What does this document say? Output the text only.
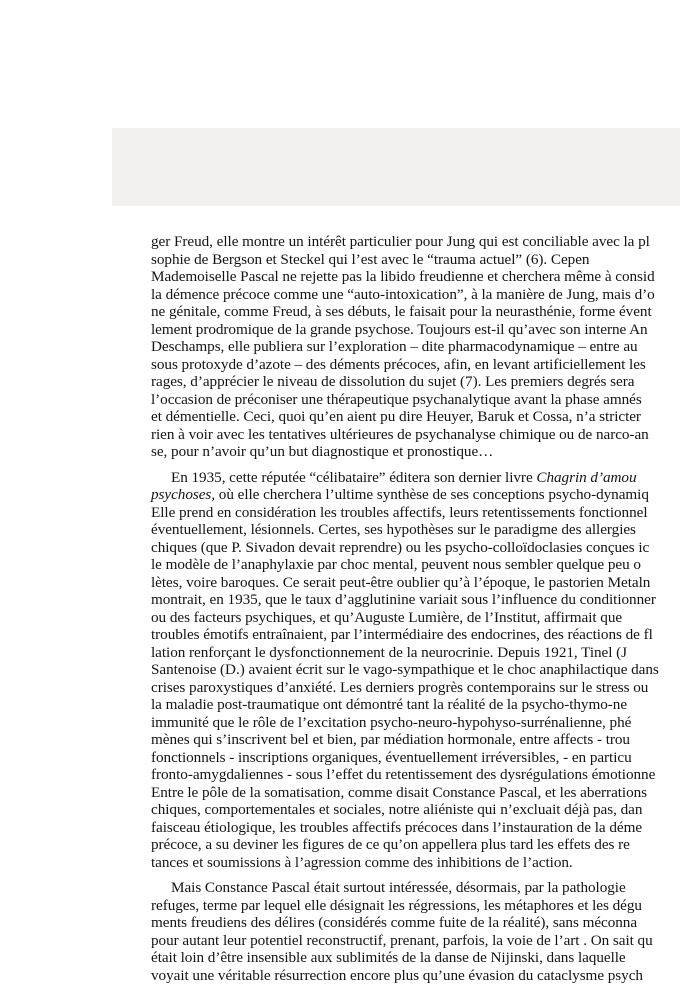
ger Freud, elle montre un intérêt particulier pour Jung qui est conciliable avec la pl
sophie de Bergson et Steckel qui l’est avec le “trauma actuel” (6). Cepen
Mademoiselle Pascal ne rejette pas la libido freudienne et cherchera même à consid
la démence précoce comme une “auto-intoxication”, à la manière de Jung, mais d’o
ne génitale, comme Freud, à ses débuts, le faisait pour la neurasthénie, forme évent
lement prodromique de la grande psychose. Toujours est-il qu’avec son interne An
Deschamps, elle publiera sur l’exploration – dite pharmacodynamique – entre au
sous protoxyde d’azote – des déments précoces, afin, en levant artificiellement les
rages, d’apprécier le niveau de dissolution du sujet (7). Les premiers degrés sera
l’occasion de préconiser une thérapeutique psychanalytique avant la phase amnés
et démentielle. Ceci, quoi qu’en aient pu dire Heuyer, Baruk et Cossa, n’a stricter
rien à voir avec les tentatives ultérieures de psychanalyse chimique ou de narco-an
se, pour n’avoir qu’un but diagnostique et pronostique…
En 1935, cette réputée “célibataire” éditera son dernier livre Chagrin d’amou
psychoses, où elle cherchera l’ultime synthèse de ses conceptions psycho-dynamiq
Elle prend en considération les troubles affectifs, leurs retentissements fonctionnel
éventuellement, lésionnels. Certes, ses hypothèses sur le paradigme des allergies
chiques (que P. Sivadon devait reprendre) ou les psycho-colloïdoclasies conçues ic
le modèle de l’anaphylaxie par choc mental, peuvent nous sembler quelque peu o
lètes, voire baroques. Ce serait peut-être oublier qu’à l’époque, le pastorien Metaln
montrait, en 1935, que le taux d’agglutinine variait sous l’influence du conditionner
ou des facteurs psychiques, et qu’Auguste Lumière, de l’Institut, affirmait que
troubles émotifs entraînaient, par l’intermédiaire des endocrines, des réactions de fl
lation renforçant le dysfonctionnement de la neurocrinie. Depuis 1921, Tinel (J
Santenoise (D.) avaient écrit sur le vago-sympathique et le choc anaphilactique dans
crises paroxystiques d’anxiété. Les derniers progrès contemporains sur le stress ou
la maladie post-traumatique ont démontré tant la réalité de la psycho-thymo-ne
immunité que le rôle de l’excitation psycho-neuro-hypohyso-surrénalienne, phé
mènes qui s’inscrivent bel et bien, par médiation hormonale, entre affects - trou
fonctionnels - inscriptions organiques, éventuellement irréversibles, - en particu
fronto-amygdaliennes - sous l’effet du retentissement des dysrégulations émotionne
Entre le pôle de la somatisation, comme disait Constance Pascal, et les aberrations
chiques, comportementales et sociales, notre aliéniste qui n’excluait déjà pas, dan
faisceau étiologique, les troubles affectifs précoces dans l’instauration de la déme
précoce, a su deviner les figures de ce qu’on appellera plus tard les effets des re
tances et soumissions à l’agression comme des inhibitions de l’action.
Mais Constance Pascal était surtout intéressée, désormais, par la pathologie
refuges, terme par lequel elle désignait les régressions, les métaphores et les dégu
ments freudiens des délires (considérés comme fuite de la réalité), sans méconna
pour autant leur potentiel reconstructif, prenant, parfois, la voie de l’art . On sait qu
était loin d’être insensible aux sublimités de la danse de Nijinski, dans laquelle
voyait une véritable résurrection encore plus qu’une évasion du cataclysme psych
